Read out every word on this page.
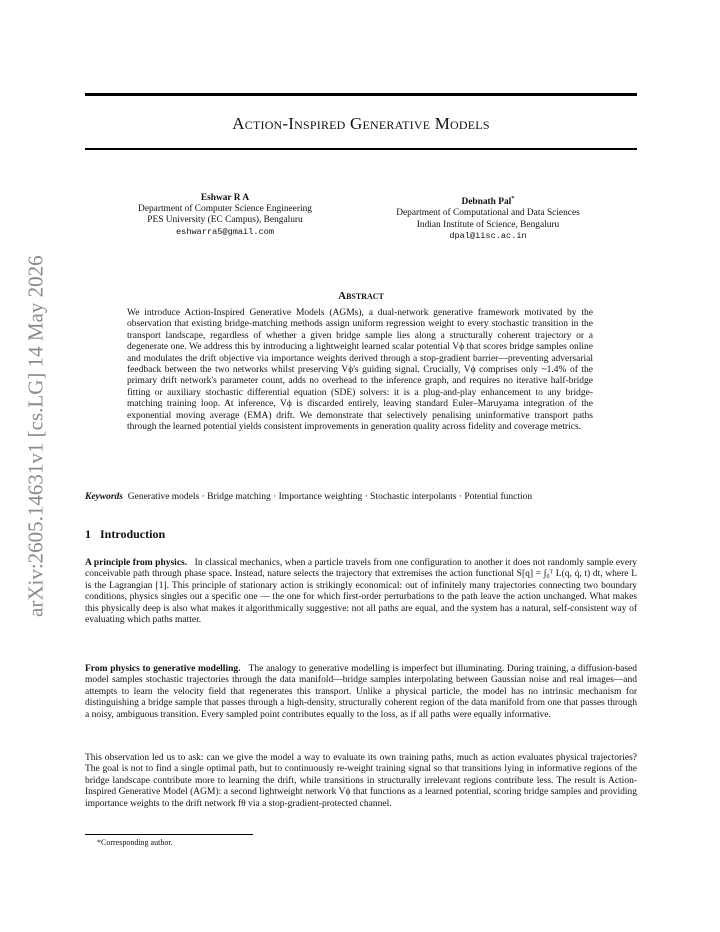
arXiv:2605.14631v1 [cs.LG] 14 May 2026
Action-Inspired Generative Models
Eshwar R A
Department of Computer Science Engineering
PES University (EC Campus), Bengaluru
eshwarra5@gmail.com
Debnath Pal*
Department of Computational and Data Sciences
Indian Institute of Science, Bengaluru
dpal@iisc.ac.in
Abstract
We introduce Action-Inspired Generative Models (AGMs), a dual-network generative framework motivated by the observation that existing bridge-matching methods assign uniform regression weight to every stochastic transition in the transport landscape, regardless of whether a given bridge sample lies along a structurally coherent trajectory or a degenerate one. We address this by introducing a lightweight learned scalar potential Vϕ that scores bridge samples online and modulates the drift objective via importance weights derived through a stop-gradient barrier—preventing adversarial feedback between the two networks whilst preserving Vϕ's guiding signal. Crucially, Vϕ comprises only ~1.4% of the primary drift network's parameter count, adds no overhead to the inference graph, and requires no iterative half-bridge fitting or auxiliary stochastic differential equation (SDE) solvers: it is a plug-and-play enhancement to any bridge-matching training loop. At inference, Vϕ is discarded entirely, leaving standard Euler–Maruyama integration of the exponential moving average (EMA) drift. We demonstrate that selectively penalising uninformative transport paths through the learned potential yields consistent improvements in generation quality across fidelity and coverage metrics.
Keywords Generative models · Bridge matching · Importance weighting · Stochastic interpolants · Potential function
1 Introduction
A principle from physics. In classical mechanics, when a particle travels from one configuration to another it does not randomly sample every conceivable path through phase space. Instead, nature selects the trajectory that extremises the action functional S[q] = ∫₀ᵀ L(q, q̇, t) dt, where L is the Lagrangian [1]. This principle of stationary action is strikingly economical: out of infinitely many trajectories connecting two boundary conditions, physics singles out a specific one — the one for which first-order perturbations to the path leave the action unchanged. What makes this physically deep is also what makes it algorithmically suggestive: not all paths are equal, and the system has a natural, self-consistent way of evaluating which paths matter.
From physics to generative modelling. The analogy to generative modelling is imperfect but illuminating. During training, a diffusion-based model samples stochastic trajectories through the data manifold—bridge samples interpolating between Gaussian noise and real images—and attempts to learn the velocity field that regenerates this transport. Unlike a physical particle, the model has no intrinsic mechanism for distinguishing a bridge sample that passes through a high-density, structurally coherent region of the data manifold from one that passes through a noisy, ambiguous transition. Every sampled point contributes equally to the loss, as if all paths were equally informative.
This observation led us to ask: can we give the model a way to evaluate its own training paths, much as action evaluates physical trajectories? The goal is not to find a single optimal path, but to continuously re-weight training signal so that transitions lying in informative regions of the bridge landscape contribute more to learning the drift, while transitions in structurally irrelevant regions contribute less. The result is Action-Inspired Generative Model (AGM): a second lightweight network Vϕ that functions as a learned potential, scoring bridge samples and providing importance weights to the drift network fθ via a stop-gradient-protected channel.
*Corresponding author.
